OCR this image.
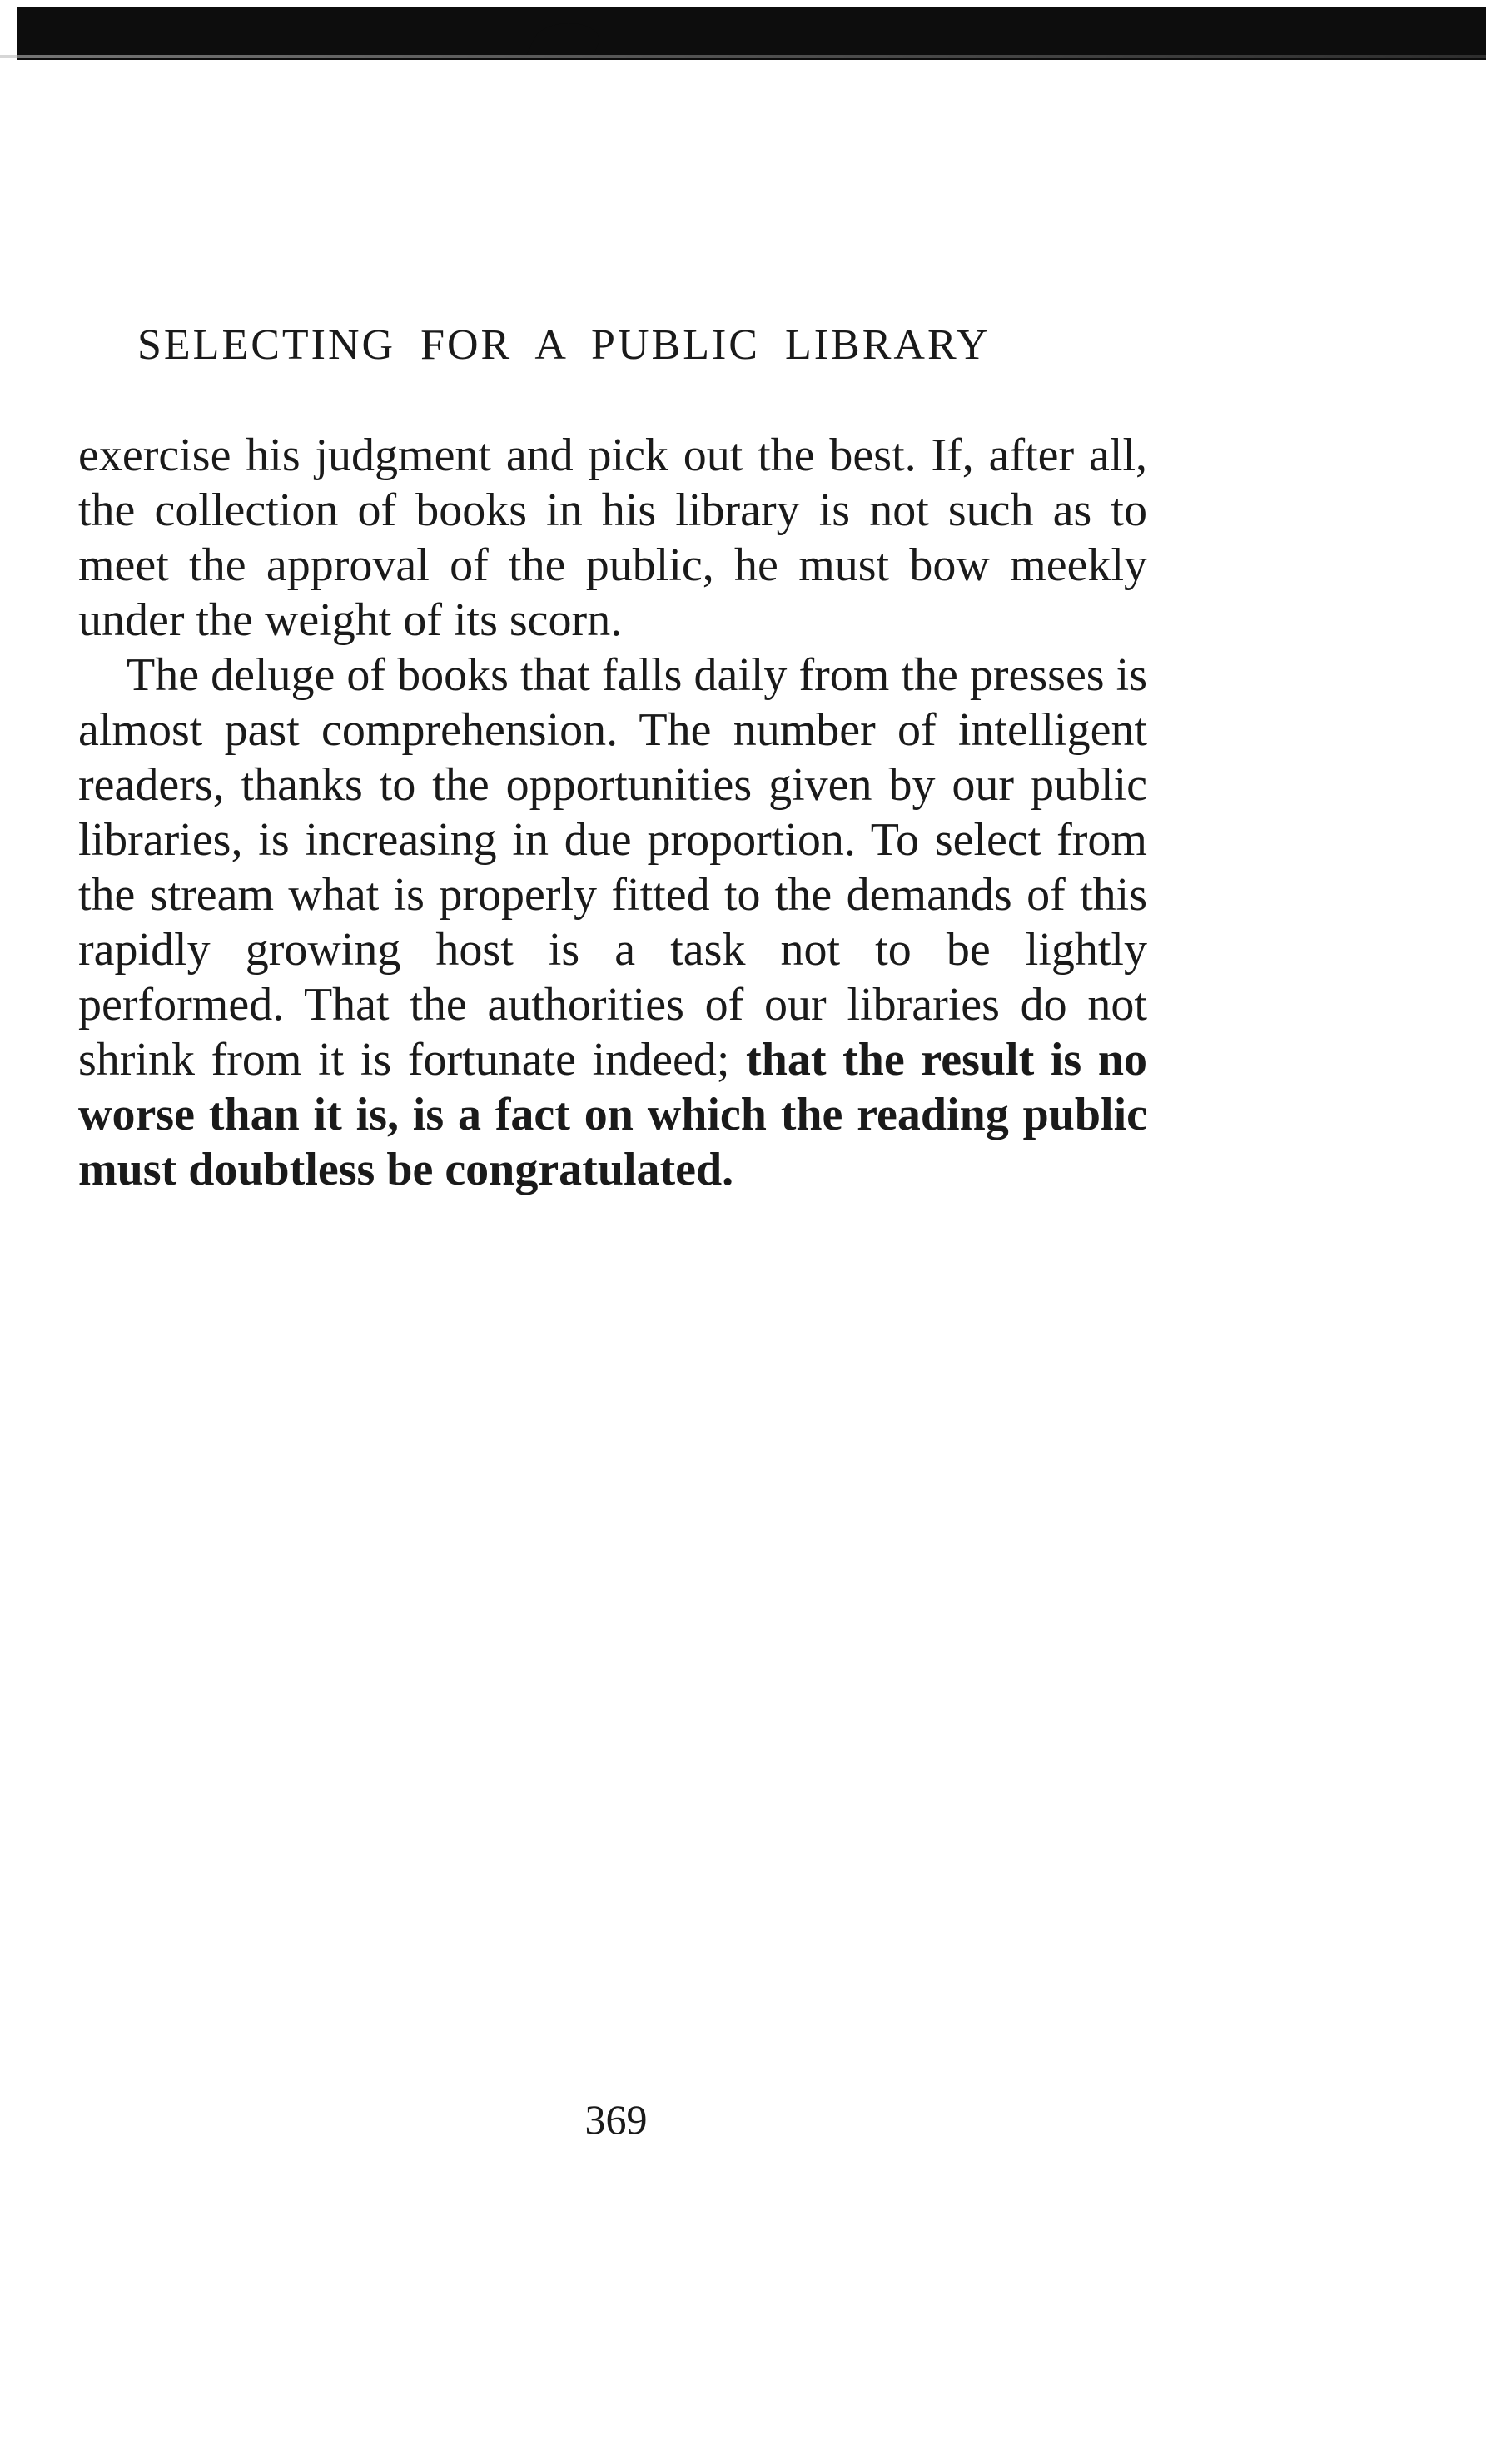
SELECTING FOR A PUBLIC LIBRARY

exercise his judgment and pick out the best. If, after all, the collection of books in his library is not such as to meet the approval of the public, he must bow meekly under the weight of its scorn.

The deluge of books that falls daily from the presses is almost past comprehension. The number of intelligent readers, thanks to the opportunities given by our public libraries, is increasing in due proportion. To select from the stream what is properly fitted to the demands of this rapidly growing host is a task not to be lightly performed. That the authorities of our libraries do not shrink from it is fortunate indeed; that the result is no worse than it is, is a fact on which the reading public must doubtless be congratulated.

369
